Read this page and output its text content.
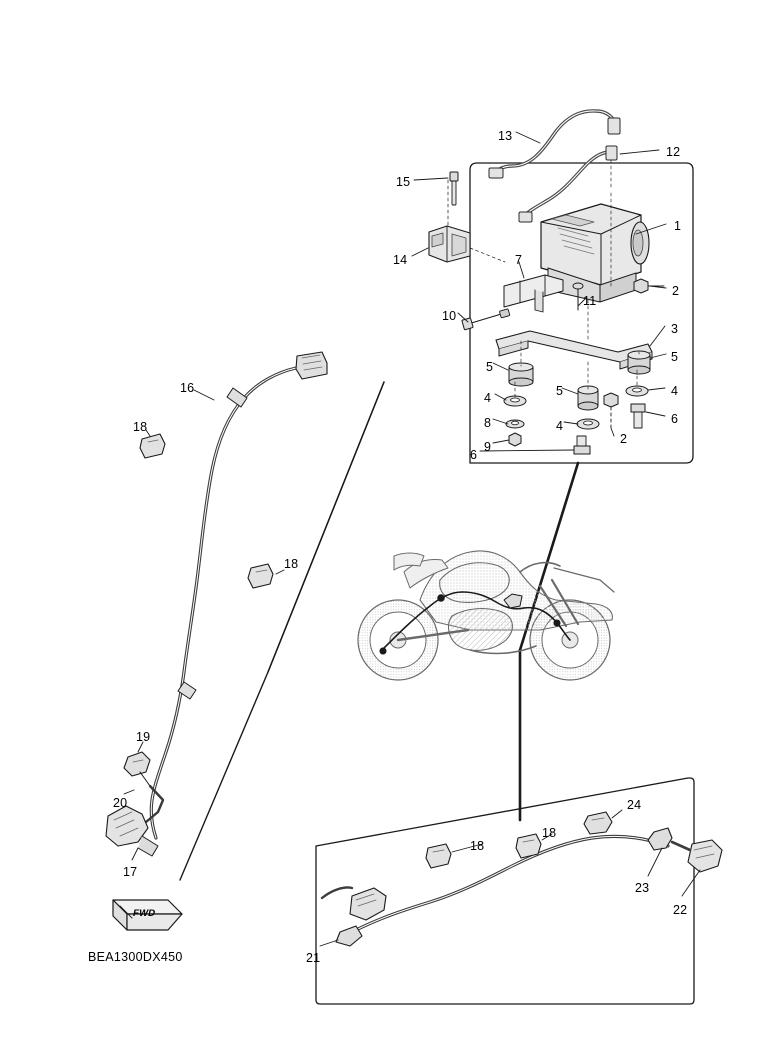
13
12
15
1
14	7
2
11
10
3
5
5
5
4	4
8	4	6
9
2
6
16
18
18
19
20
17
24
18
18
23
22
21
FWD
BEA1300DX450
